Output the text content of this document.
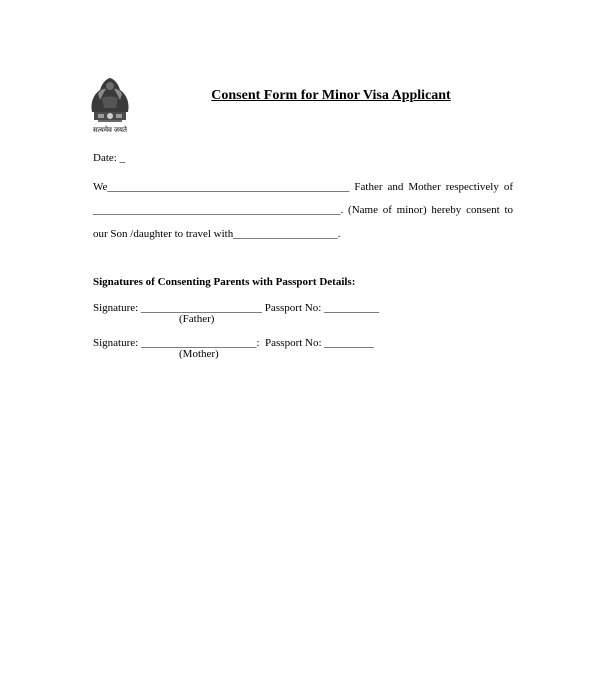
सत्यमेव जयते
Consent Form for Minor Visa Applicant
Date: _
We____________________________________________ Father and Mother respectively of
_____________________________________________. (Name of minor) hereby consent to
our Son /daughter to travel with___________________.
Signatures of Consenting Parents with Passport Details:
Signature: ______________________ Passport No: __________
(Father)
Signature: _____________________:  Passport No: _________
(Mother)
